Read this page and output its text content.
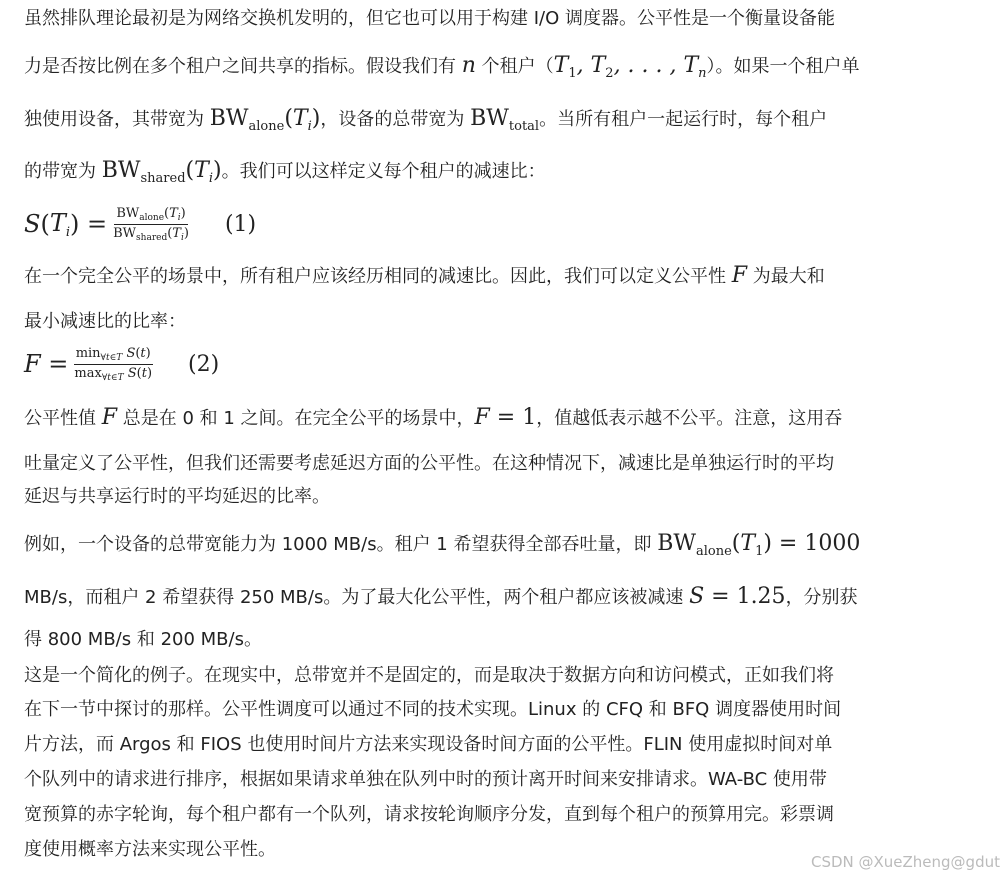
虽然排队理论最初是为网络交换机发明的，但它也可以用于构建 I/O 调度器。公平性是一个衡量设备能
力是否按比例在多个租户之间共享的指标。假设我们有 n 个租户（$T_1$, $T_2$, . . . , $T_n$）。如果一个租户单
独使用设备，其带宽为 $BW_{alone}(T_i)$，设备的总带宽为 $BW_{total}$。当所有租户一起运行时，每个租户
的带宽为 $BW_{shared}(T_i)$。我们可以这样定义每个租户的减速比：
S ( $T_i$ ) = $\frac{BW_{alone}(T_i)}{BW_{shared}(T_i)} (1)$
在一个完全公平的场景中，所有租户应该经历相同的减速比。因此，我们可以定义公平性 F 为最大和
最小减速比的比率：
$F = \frac{\min_{\forall t\in T} S(t)}{\max_{\forall t\in T} S(t)} (2)$
公平性值 F 总是在 0 和 1 之间。在完全公平的场景中，F = 1，值越低表示越不公平。注意，这用吞
吐量定义了公平性，但我们还需要考虑延迟方面的公平性。在这种情况下，减速比是单独运行时的平均
延迟与共享运行时的平均延迟的比率。
例如，一个设备的总带宽能力为 1000 MB/s。租户 1 希望获得全部吞吐量，即 $BW_{alone}(T_1) = 1000$
MB/s，而租户 2 希望获得 250 MB/s。为了最大化公平性，两个租户都应该被减速 S = 1.25，分别获
得 800 MB/s 和 200 MB/s。
这是一个简化的例子。在现实中，总带宽并不是固定的，而是取决于数据方向和访问模式，正如我们将
在下一节中探讨的那样。公平性调度可以通过不同的技术实现。Linux 的 CFQ 和 BFQ 调度器使用时间
片方法，而 Argos 和 FIOS 也使用时间片方法来实现设备时间方面的公平性。FLIN 使用虚拟时间对单
个队列中的请求进行排序，根据如果请求单独在队列中时的预计离开时间来安排请求。WA-BC 使用带
宽预算的赤字轮询，每个租户都有一个队列，请求按轮询顺序分发，直到每个租户的预算用完。彩票调
度使用概率方法来实现公平性。
CSDN @XueZheng@gdut
